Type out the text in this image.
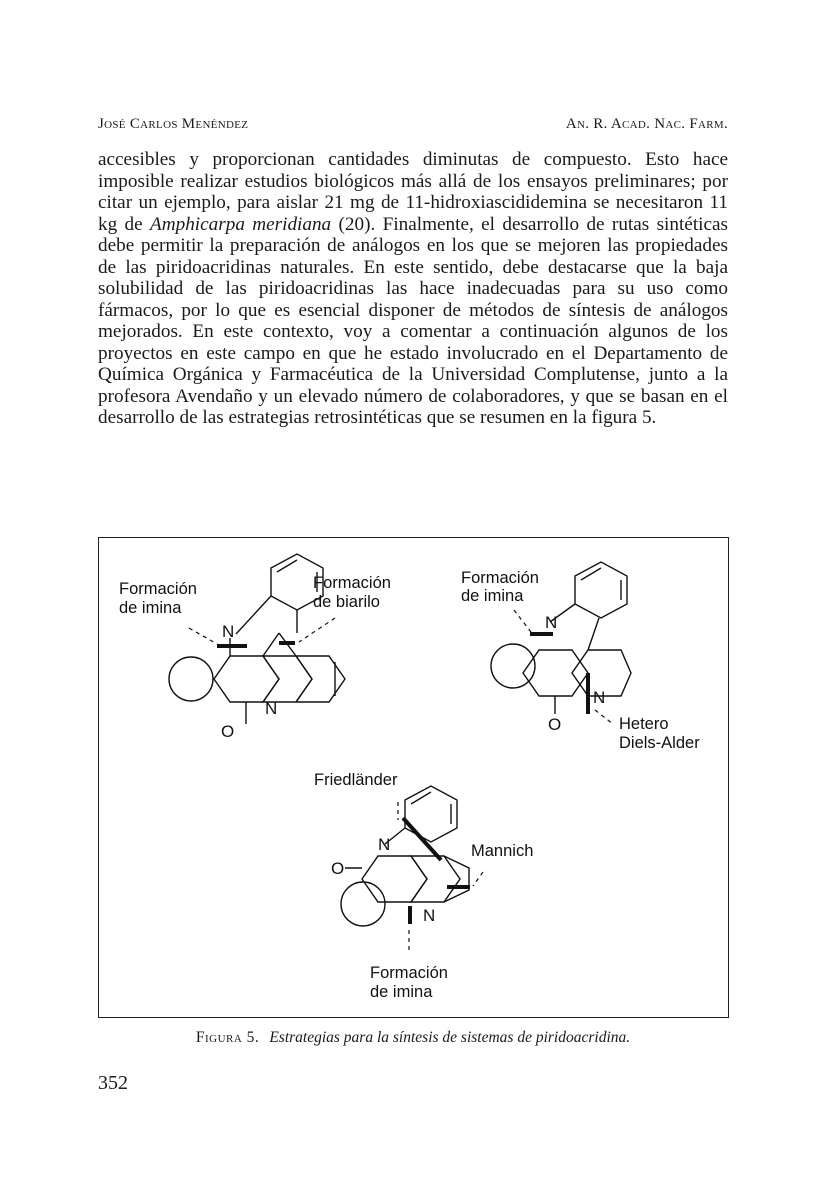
José Carlos Menéndez	An. R. Acad. Nac. Farm.

accesibles y proporcionan cantidades diminutas de compuesto. Esto hace imposible realizar estudios biológicos más allá de los ensayos preliminares; por citar un ejemplo, para aislar 21 mg de 11-hidroxiascididemina se necesitaron 11 kg de Amphicarpa meridiana (20). Finalmente, el desarrollo de rutas sintéticas debe permitir la preparación de análogos en los que se mejoren las propiedades de las piridoacridinas naturales. En este sentido, debe destacarse que la baja solubilidad de las piridoacridinas las hace inadecuadas para su uso como fármacos, por lo que es esencial disponer de métodos de síntesis de análogos mejorados. En este contexto, voy a comentar a continuación algunos de los proyectos en este campo en que he estado involucrado en el Departamento de Química Orgánica y Farmacéutica de la Universidad Complutense, junto a la profesora Avendaño y un elevado número de colaboradores, y que se basan en el desarrollo de las estrategias retrosintéticas que se resumen en la figura 5.

Formación
de imina
Formación
de biarilo
N
N
O
Formación
de imina
Hetero
Diels-Alder
N
N
O
Friedländer
Mannich
Formación
de imina
N
N
O
Figura 5. Estrategias para la síntesis de sistemas de piridoacridina.
352
